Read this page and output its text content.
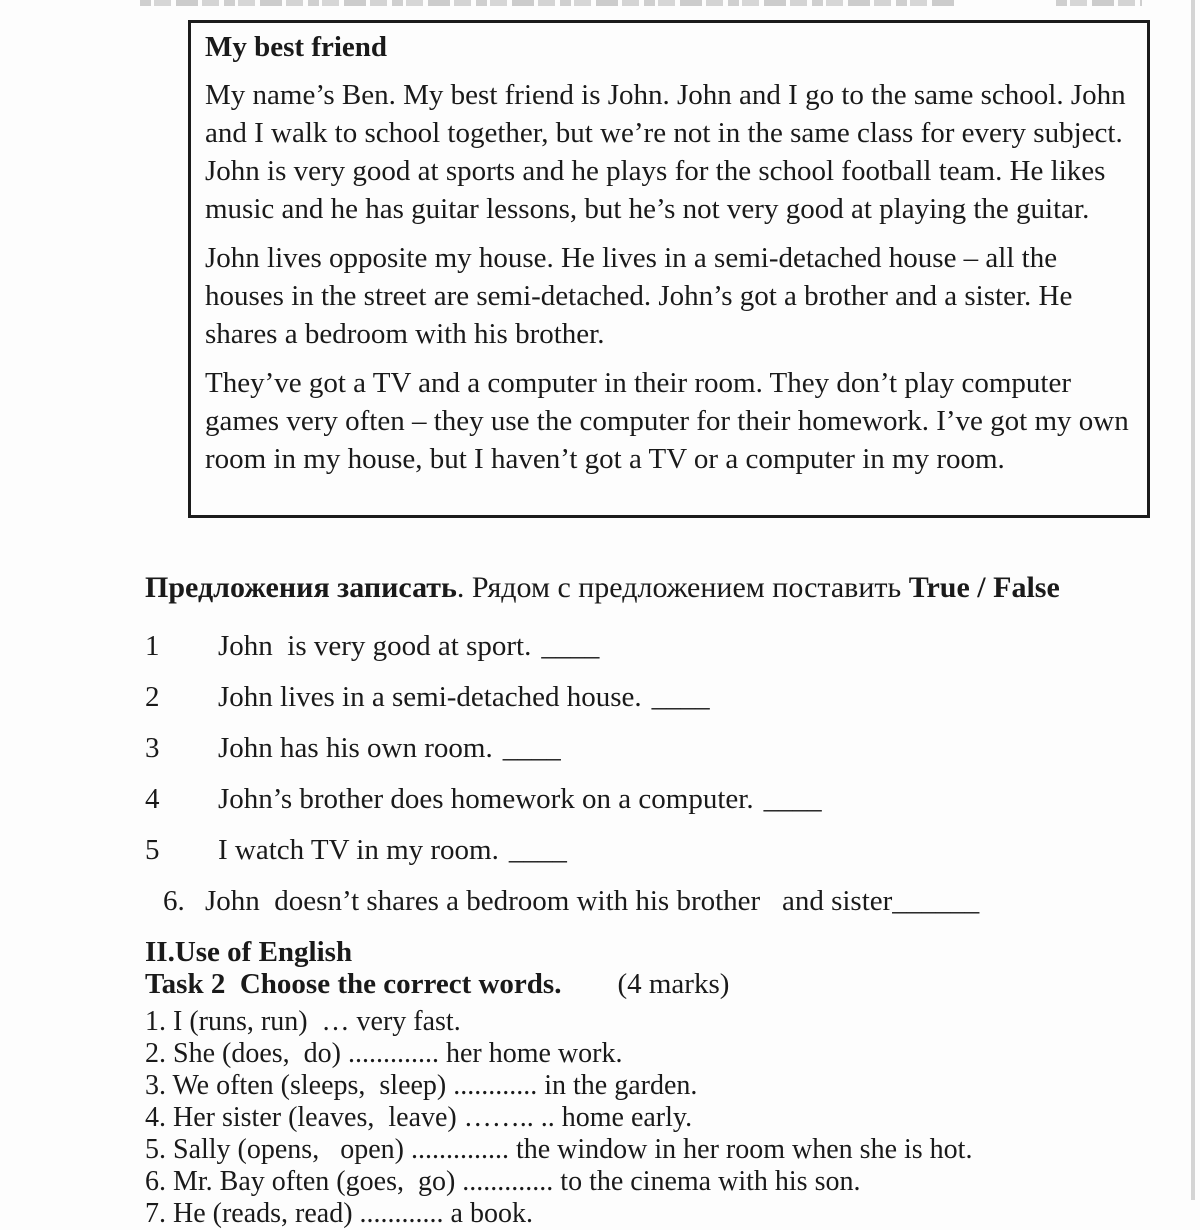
My best friend
My name’s Ben. My best friend is John. John and I go to the same school. John
and I walk to school together, but we’re not in the same class for every subject.
John is very good at sports and he plays for the school football team. He likes
music and he has guitar lessons, but he’s not very good at playing the guitar.
John lives opposite my house. He lives in a semi-detached house – all the
houses in the street are semi-detached. John’s got a brother and a sister. He
shares a bedroom with his brother.
They’ve got a TV and a computer in their room. They don’t play computer
games very often – they use the computer for their homework. I’ve got my own
room in my house, but I haven’t got a TV or a computer in my room.
Предложения записать. Рядом с предложением поставить True / False
1 John  is very good at sport. ____
2 John lives in a semi-detached house. ____
3 John has his own room. ____
4 John’s brother does homework on a computer. ____
5 I watch TV in my room. ____
6. John  doesn’t shares a bedroom with his brother   and sister______
II.Use of English
Task 2  Choose the correct words. (4 marks)
1. I (runs, run)  … very fast.
2. She (does,  do) ............. her home work.
3. We often (sleeps,  sleep) ............ in the garden.
4. Her sister (leaves,  leave) …….. .. home early.
5. Sally (opens,   open) .............. the window in her room when she is hot.
6. Mr. Bay often (goes,  go) ............. to the cinema with his son.
7. He (reads, read) ............ a book.
